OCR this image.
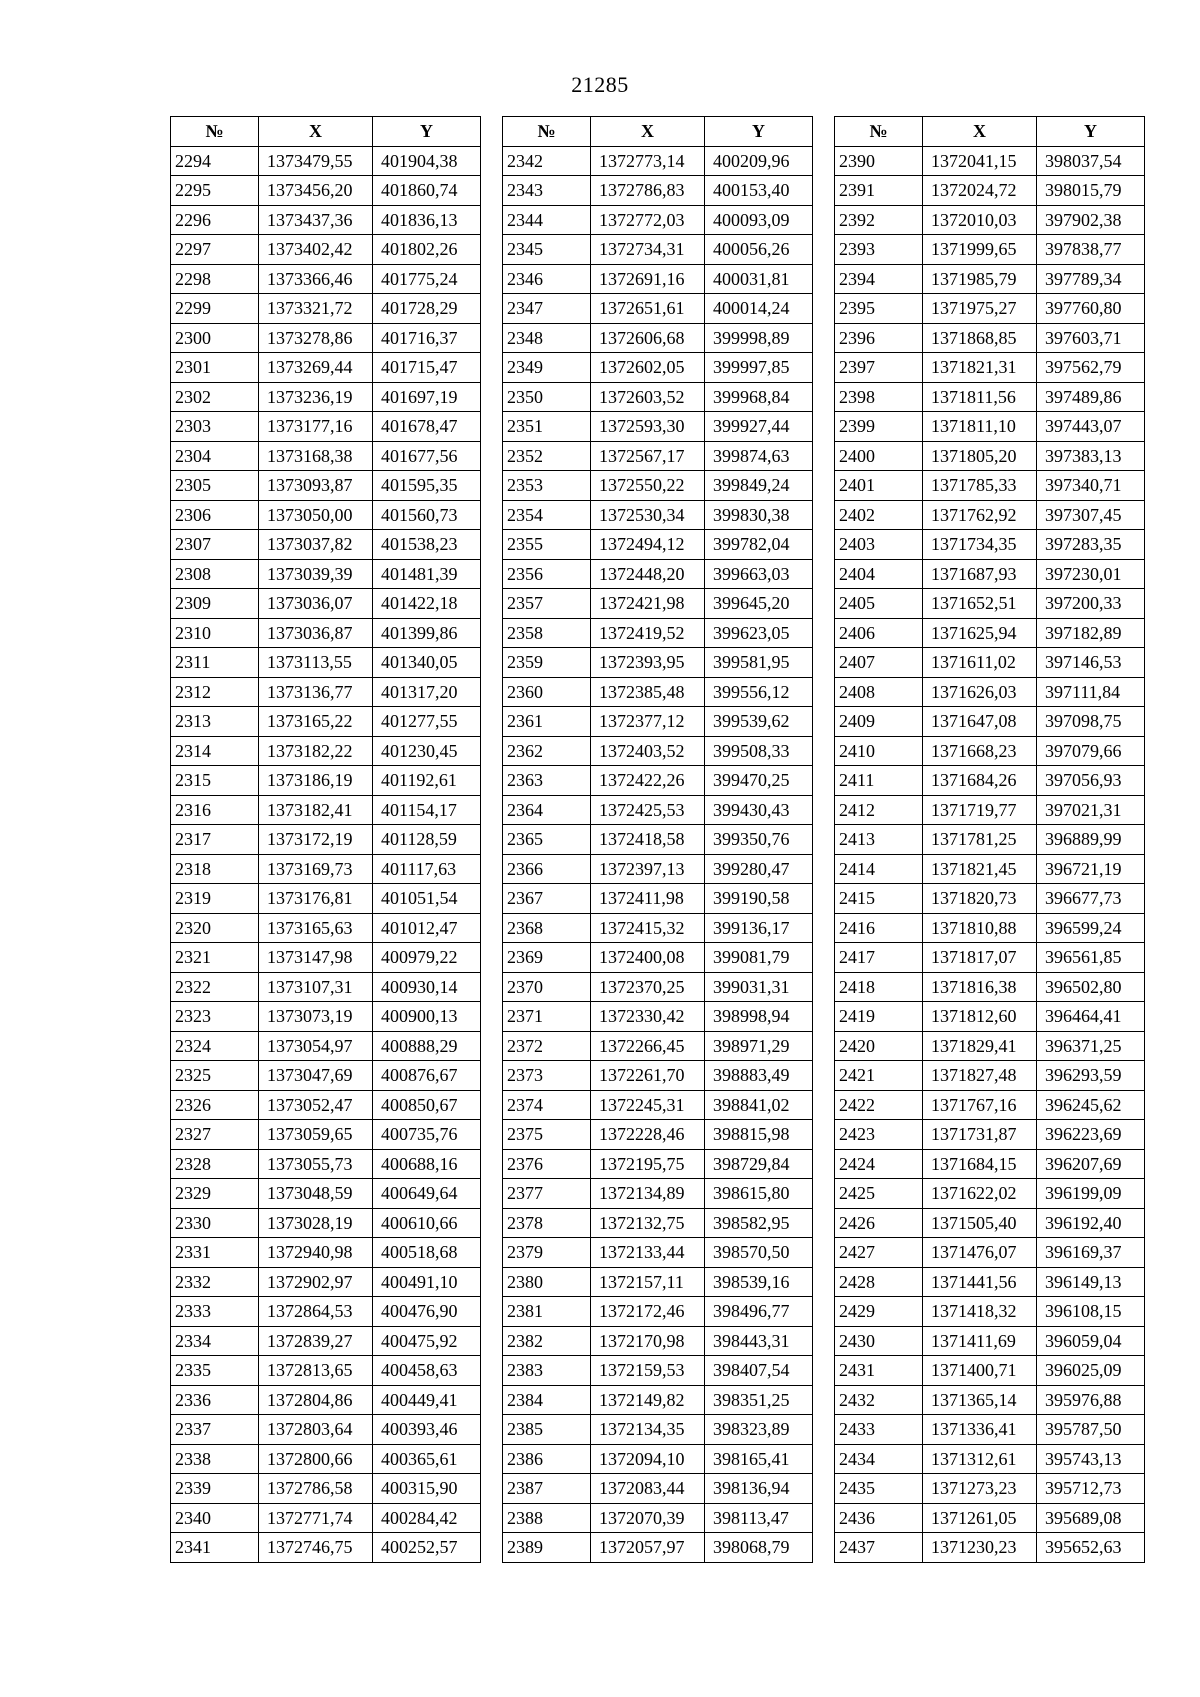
21285
№	X	Y
2294	1373479,55	401904,38
2295	1373456,20	401860,74
2296	1373437,36	401836,13
2297	1373402,42	401802,26
2298	1373366,46	401775,24
2299	1373321,72	401728,29
2300	1373278,86	401716,37
2301	1373269,44	401715,47
2302	1373236,19	401697,19
2303	1373177,16	401678,47
2304	1373168,38	401677,56
2305	1373093,87	401595,35
2306	1373050,00	401560,73
2307	1373037,82	401538,23
2308	1373039,39	401481,39
2309	1373036,07	401422,18
2310	1373036,87	401399,86
2311	1373113,55	401340,05
2312	1373136,77	401317,20
2313	1373165,22	401277,55
2314	1373182,22	401230,45
2315	1373186,19	401192,61
2316	1373182,41	401154,17
2317	1373172,19	401128,59
2318	1373169,73	401117,63
2319	1373176,81	401051,54
2320	1373165,63	401012,47
2321	1373147,98	400979,22
2322	1373107,31	400930,14
2323	1373073,19	400900,13
2324	1373054,97	400888,29
2325	1373047,69	400876,67
2326	1373052,47	400850,67
2327	1373059,65	400735,76
2328	1373055,73	400688,16
2329	1373048,59	400649,64
2330	1373028,19	400610,66
2331	1372940,98	400518,68
2332	1372902,97	400491,10
2333	1372864,53	400476,90
2334	1372839,27	400475,92
2335	1372813,65	400458,63
2336	1372804,86	400449,41
2337	1372803,64	400393,46
2338	1372800,66	400365,61
2339	1372786,58	400315,90
2340	1372771,74	400284,42
2341	1372746,75	400252,57
№	X	Y
2342	1372773,14	400209,96
2343	1372786,83	400153,40
2344	1372772,03	400093,09
2345	1372734,31	400056,26
2346	1372691,16	400031,81
2347	1372651,61	400014,24
2348	1372606,68	399998,89
2349	1372602,05	399997,85
2350	1372603,52	399968,84
2351	1372593,30	399927,44
2352	1372567,17	399874,63
2353	1372550,22	399849,24
2354	1372530,34	399830,38
2355	1372494,12	399782,04
2356	1372448,20	399663,03
2357	1372421,98	399645,20
2358	1372419,52	399623,05
2359	1372393,95	399581,95
2360	1372385,48	399556,12
2361	1372377,12	399539,62
2362	1372403,52	399508,33
2363	1372422,26	399470,25
2364	1372425,53	399430,43
2365	1372418,58	399350,76
2366	1372397,13	399280,47
2367	1372411,98	399190,58
2368	1372415,32	399136,17
2369	1372400,08	399081,79
2370	1372370,25	399031,31
2371	1372330,42	398998,94
2372	1372266,45	398971,29
2373	1372261,70	398883,49
2374	1372245,31	398841,02
2375	1372228,46	398815,98
2376	1372195,75	398729,84
2377	1372134,89	398615,80
2378	1372132,75	398582,95
2379	1372133,44	398570,50
2380	1372157,11	398539,16
2381	1372172,46	398496,77
2382	1372170,98	398443,31
2383	1372159,53	398407,54
2384	1372149,82	398351,25
2385	1372134,35	398323,89
2386	1372094,10	398165,41
2387	1372083,44	398136,94
2388	1372070,39	398113,47
2389	1372057,97	398068,79
№	X	Y
2390	1372041,15	398037,54
2391	1372024,72	398015,79
2392	1372010,03	397902,38
2393	1371999,65	397838,77
2394	1371985,79	397789,34
2395	1371975,27	397760,80
2396	1371868,85	397603,71
2397	1371821,31	397562,79
2398	1371811,56	397489,86
2399	1371811,10	397443,07
2400	1371805,20	397383,13
2401	1371785,33	397340,71
2402	1371762,92	397307,45
2403	1371734,35	397283,35
2404	1371687,93	397230,01
2405	1371652,51	397200,33
2406	1371625,94	397182,89
2407	1371611,02	397146,53
2408	1371626,03	397111,84
2409	1371647,08	397098,75
2410	1371668,23	397079,66
2411	1371684,26	397056,93
2412	1371719,77	397021,31
2413	1371781,25	396889,99
2414	1371821,45	396721,19
2415	1371820,73	396677,73
2416	1371810,88	396599,24
2417	1371817,07	396561,85
2418	1371816,38	396502,80
2419	1371812,60	396464,41
2420	1371829,41	396371,25
2421	1371827,48	396293,59
2422	1371767,16	396245,62
2423	1371731,87	396223,69
2424	1371684,15	396207,69
2425	1371622,02	396199,09
2426	1371505,40	396192,40
2427	1371476,07	396169,37
2428	1371441,56	396149,13
2429	1371418,32	396108,15
2430	1371411,69	396059,04
2431	1371400,71	396025,09
2432	1371365,14	395976,88
2433	1371336,41	395787,50
2434	1371312,61	395743,13
2435	1371273,23	395712,73
2436	1371261,05	395689,08
2437	1371230,23	395652,63
